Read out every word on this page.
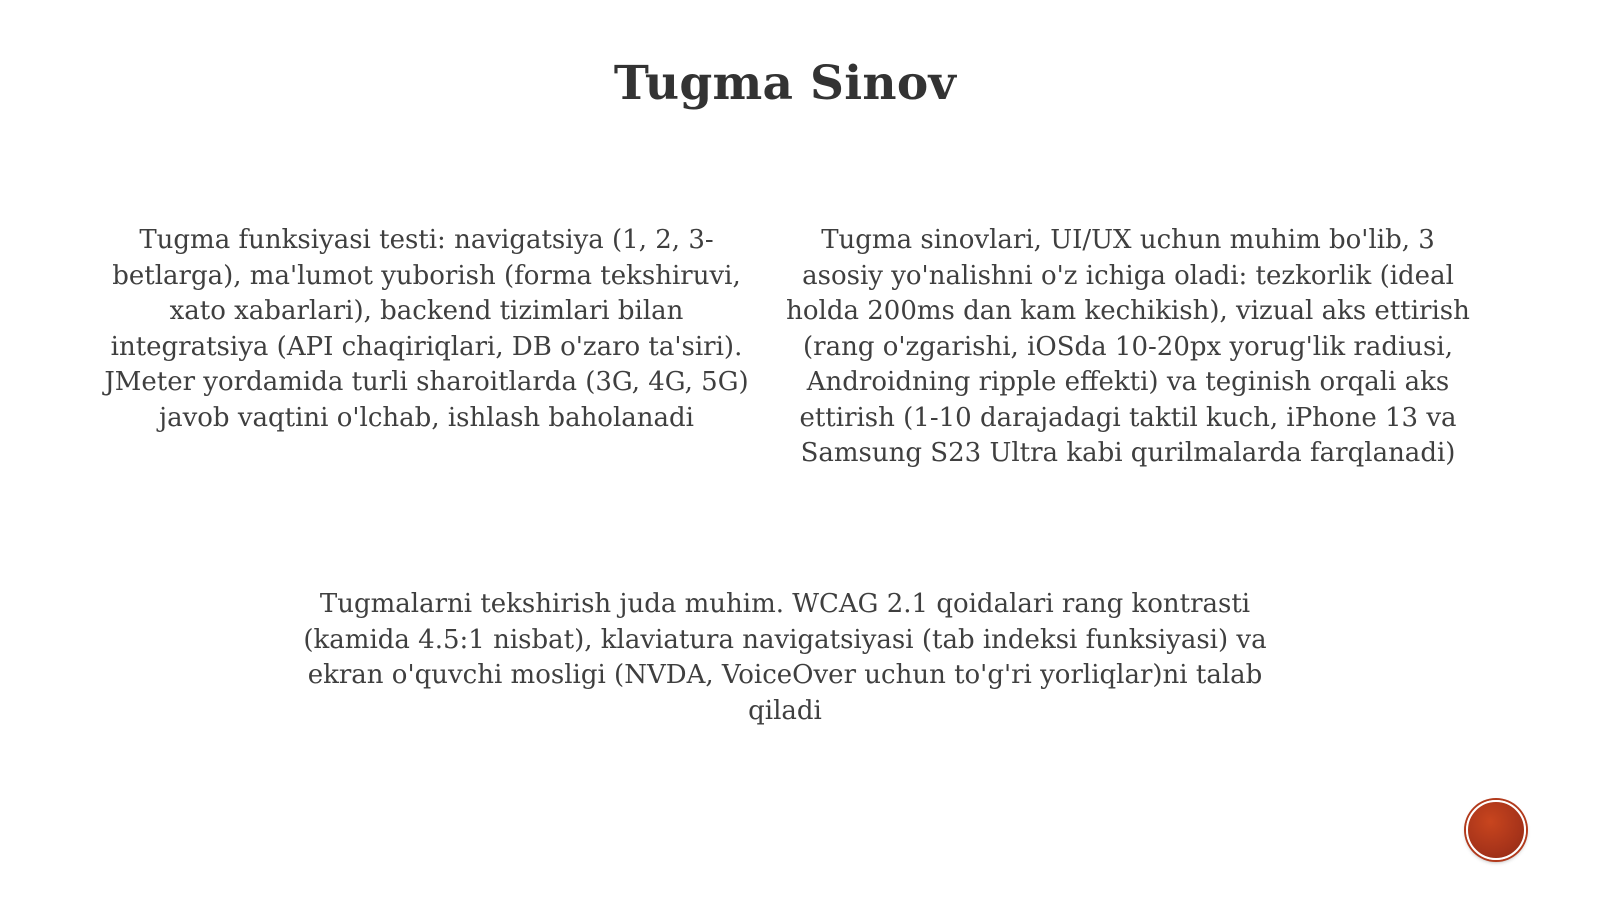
Tugma Sinov

Tugma funksiyasi testi: navigatsiya (1, 2, 3-betlarga), ma'lumot yuborish (forma tekshiruvi, xato xabarlari), backend tizimlari bilan integratsiya (API chaqiriqlari, DB o'zaro ta'siri). JMeter yordamida turli sharoitlarda (3G, 4G, 5G) javob vaqtini o'lchab, ishlash baholanadi

Tugma sinovlari, UI/UX uchun muhim bo'lib, 3 asosiy yo'nalishni o'z ichiga oladi: tezkorlik (ideal holda 200ms dan kam kechikish), vizual aks ettirish (rang o'zgarishi, iOSda 10-20px yorug'lik radiusi, Androidning ripple effekti) va teginish orqali aks ettirish (1-10 darajadagi taktil kuch, iPhone 13 va Samsung S23 Ultra kabi qurilmalarda farqlanadi)

Tugmalarni tekshirish juda muhim. WCAG 2.1 qoidalari rang kontrasti (kamida 4.5:1 nisbat), klaviatura navigatsiyasi (tab indeksi funksiyasi) va ekran o'quvchi mosligi (NVDA, VoiceOver uchun to'g'ri yorliqlar)ni talab qiladi
